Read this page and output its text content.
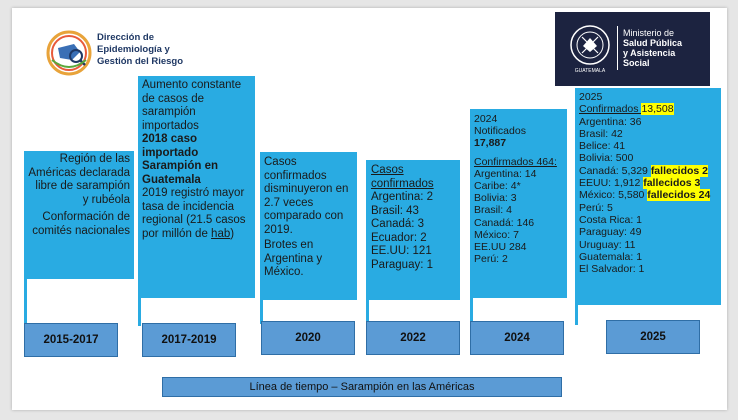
Dirección de
Epidemiología y
Gestión del Riesgo
GUATEMALA
Ministerio de
Salud Pública
y Asistencia
Social

Región de las Américas declarada libre de sarampión y rubéola

Conformación de comités nacionales

Aumento constante de casos de sarampión importados

2018 caso importado Sarampión en Guatemala

2019 registró mayor tasa de incidencia regional (21.5 casos por millón de hab)

Casos confirmados disminuyeron en 2.7 veces comparado con 2019.

Brotes en Argentina y México.

Casos confirmados

Argentina: 2
Brasil: 43
Canadá: 3
Ecuador: 2
EE.UU: 121
Paraguay: 1

2024

Notificados

17,887

Confirmados 464:

Argentina: 14
Caribe: 4*
Bolivia: 3
Brasil: 4
Canadá: 146
México: 7
EE.UU 284
Perú: 2

2025

Confirmados 13,508

Argentina: 36
Brasil: 42
Belice: 41
Bolivia: 500
Canadá: 5,329 fallecidos 2
EEUU: 1,912 fallecidos 3
México: 5,580 fallecidos 24
Perú: 5
Costa Rica: 1
Paraguay: 49
Uruguay: 11
Guatemala: 1
El Salvador: 1
2015-2017	2017-2019	2020	2022	2024	2025
Línea de tiempo – Sarampión en las Américas
